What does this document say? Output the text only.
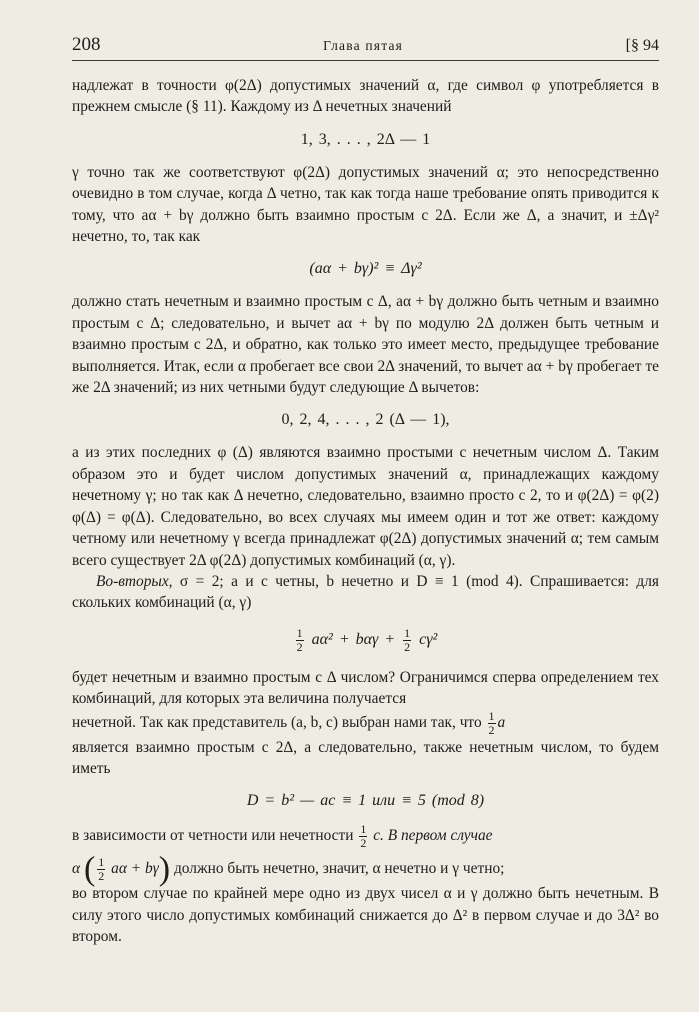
208	Глава пятая	[§ 94

надлежат в точности φ(2Δ) допустимых значений α, где символ φ употребляется в прежнем смысле (§ 11). Каждому из Δ нечетных значений

1, 3, . . . , 2Δ — 1

γ точно так же соответствуют φ(2Δ) допустимых значений α; это непосредственно очевидно в том случае, когда Δ четно, так как тогда наше требование опять приводится к тому, что aα + bγ должно быть взаимно простым с 2Δ. Если же Δ, а значит, и ±Δγ² нечетно, то, так как

(aα + bγ)² ≡ Δγ²

должно стать нечетным и взаимно простым с Δ, aα + bγ должно быть четным и взаимно простым с Δ; следовательно, и вычет aα + bγ по модулю 2Δ должен быть четным и взаимно простым с 2Δ, и обратно, как только это имеет место, предыдущее требование выполняется. Итак, если α пробегает все свои 2Δ значений, то вычет aα + bγ пробегает те же 2Δ значений; из них четными будут следующие Δ вычетов:

0, 2, 4, . . . , 2 (Δ — 1),

а из этих последних φ (Δ) являются взаимно простыми с нечетным числом Δ. Таким образом это и будет числом допустимых значений α, принадлежащих каждому нечетному γ; но так как Δ нечетно, следовательно, взаимно просто с 2, то и φ(2Δ) = φ(2) φ(Δ) = φ(Δ). Следовательно, во всех случаях мы имеем один и тот же ответ: каждому четному или нечетному γ всегда принадлежат φ(2Δ) допустимых значений α; тем самым всего существует 2Δ φ(2Δ) допустимых комбинаций (α, γ).

Во-вторых, σ = 2; a и c четны, b нечетно и D ≡ 1 (mod 4). Спрашивается: для скольких комбинаций (α, γ)

$\frac{1}{2} a\alpha^2 + b\alpha\gamma + \frac{1}{2} c\gamma^2$

будет нечетным и взаимно простым с Δ числом? Ограничимся сперва определением тех комбинаций, для которых эта величина получается

нечетной. Так как представитель (a, b, c) выбран нами так, что $\frac{1}{2}$ a

является взаимно простым с 2Δ, а следовательно, также нечетным числом, то будем иметь

D = b² — ac ≡ 1 или ≡ 5 (mod 8)

в зависимости от четности или нечетности $\frac{1}{2} c$. В первом случае

α ( $\frac{1}{2}$ aα + bγ) должно быть нечетно, значит, α нечетно и γ четно;

во втором случае по крайней мере одно из двух чисел α и γ должно быть нечетным. В силу этого число допустимых комбинаций снижается до Δ² в первом случае и до 3Δ² во втором.
